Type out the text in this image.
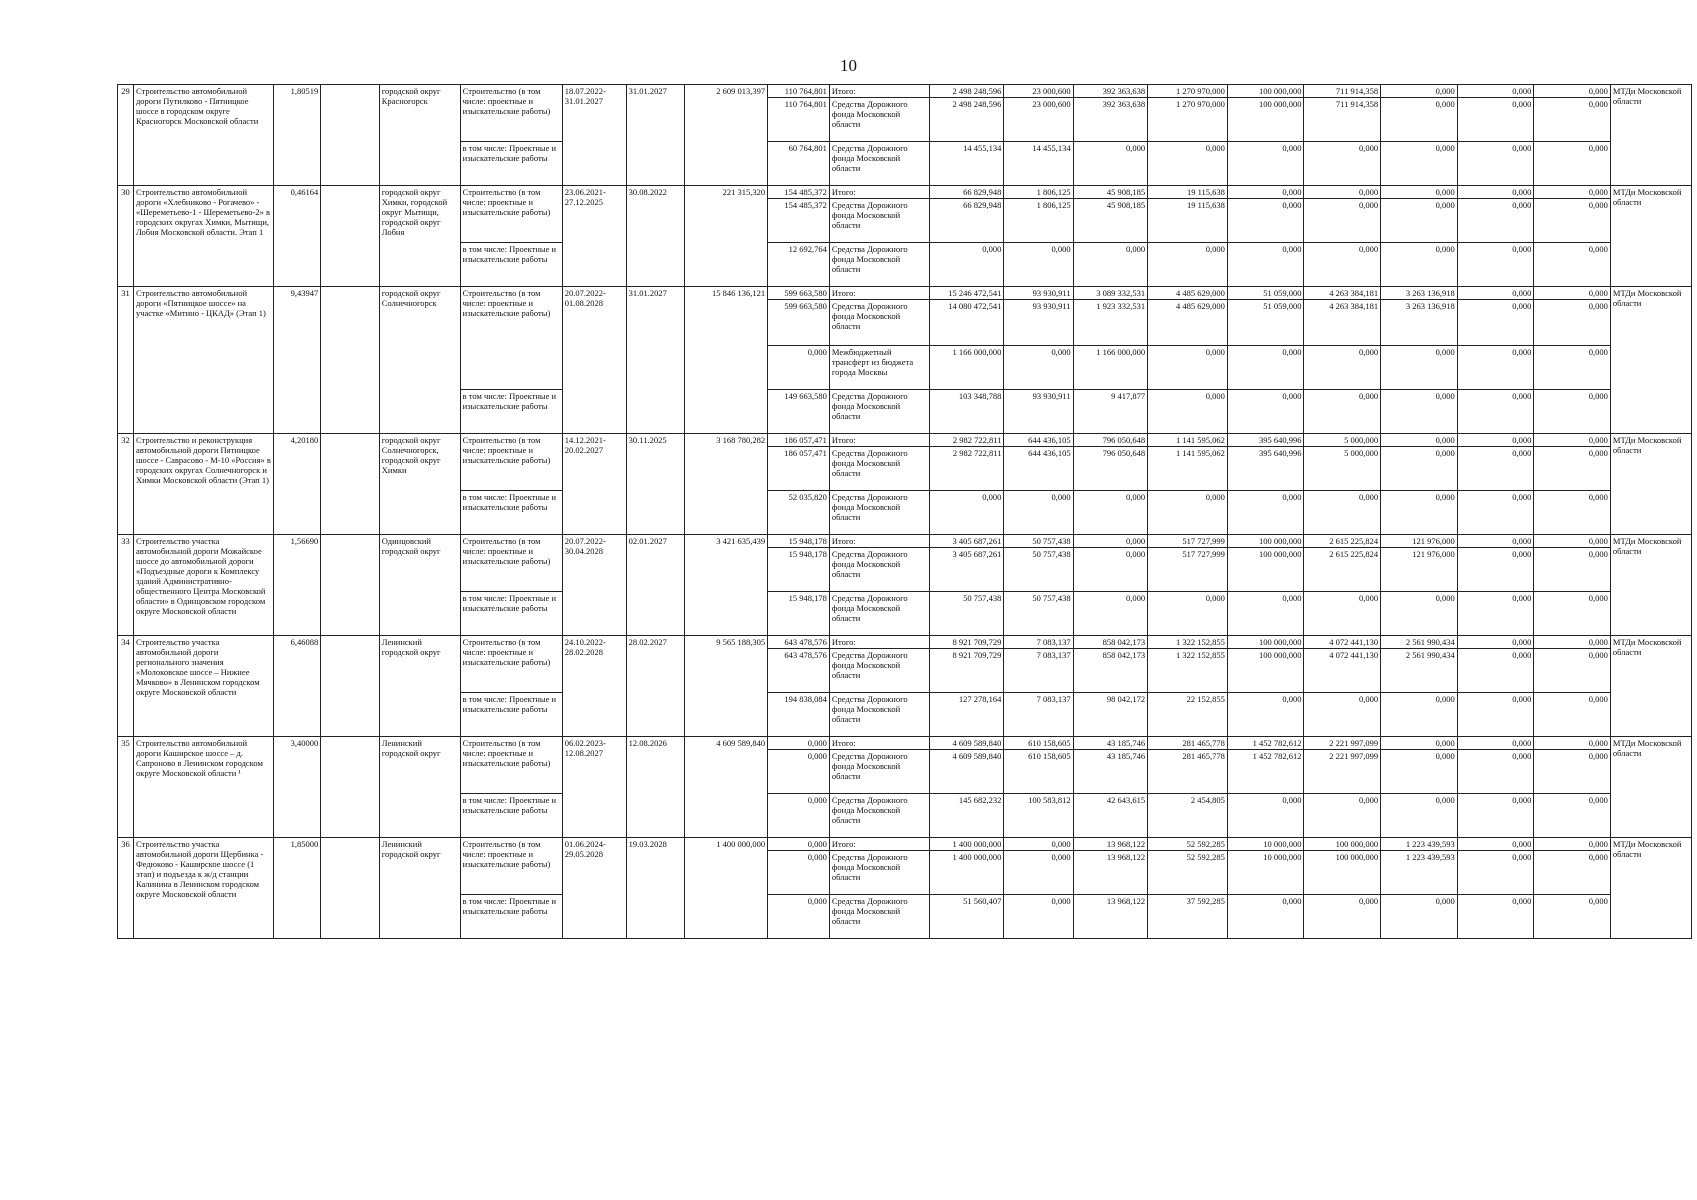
10
29	Строительство автомобильной дороги Путилково - Пятницкое шоссе в городском округе Красногорск Московской области	1,80519		городской округ Красногорск	Строительство (в том числе: проектные и изыскательские работы)	18.07.2022-31.01.2027	31.01.2027	2 609 013,397	110 764,801	Итого:	2 498 248,596	23 000,600	392 363,638	1 270 970,000	100 000,000	711 914,358	0,000	0,000	0,000	МТДи Московской области
									110 764,801	Средства Дорожного фонда Московской области	2 498 248,596	23 000,600	392 363,638	1 270 970,000	100 000,000	711 914,358	0,000	0,000	0,000	
					в том числе: Проектные и изыскательские работы				60 764,801	Средства Дорожного фонда Московской области	14 455,134	14 455,134	0,000	0,000	0,000	0,000	0,000	0,000	0,000	
30	Строительство автомобильной дороги «Хлебниково - Рогачево» - «Шереметьево-1 - Шереметьево-2» в городских округах Химки, Мытищи, Лобня Московской области. Этап 1	0,46164		городской округ Химки, городской округ Мытищи, городской округ Лобня	Строительство (в том числе: проектные и изыскательские работы)	23.06.2021-27.12.2025	30.08.2022	221 315,320	154 485,372	Итого:	66 829,948	1 806,125	45 908,185	19 115,638	0,000	0,000	0,000	0,000	0,000	МТДи Московской области
									154 485,372	Средства Дорожного фонда Московской области	66 829,948	1 806,125	45 908,185	19 115,638	0,000	0,000	0,000	0,000	0,000	
					в том числе: Проектные и изыскательские работы				12 692,764	Средства Дорожного фонда Московской области	0,000	0,000	0,000	0,000	0,000	0,000	0,000	0,000	0,000	
31	Строительство автомобильной дороги «Пятницкое шоссе» на участке «Митино - ЦКАД» (Этап 1)	9,43947		городской округ Солнечногорск	Строительство (в том числе: проектные и изыскательские работы)	20.07.2022-01.08.2028	31.01.2027	15 846 136,121	599 663,580	Итого:	15 246 472,541	93 930,911	3 089 332,531	4 485 629,000	51 059,000	4 263 384,181	3 263 136,918	0,000	0,000	МТДи Московской области
									599 663,580	Средства Дорожного фонда Московской области	14 080 472,541	93 930,911	1 923 332,531	4 485 629,000	51 059,000	4 263 384,181	3 263 136,918	0,000	0,000	
									0,000	Межбюджетный трансферт из бюджета города Москвы	1 166 000,000	0,000	1 166 000,000	0,000	0,000	0,000	0,000	0,000	0,000	
					в том числе: Проектные и изыскательские работы				149 663,580	Средства Дорожного фонда Московской области	103 348,788	93 930,911	9 417,877	0,000	0,000	0,000	0,000	0,000	0,000	
32	Строительство и реконструкция автомобильной дороги Пятницкое шоссе - Саврасово - М-10 «Россия» в городских округах Солнечногорск и Химки Московской области (Этап 1)	4,20180		городской округ Солнечногорск, городской округ Химки	Строительство (в том числе: проектные и изыскательские работы)	14.12.2021-20.02.2027	30.11.2025	3 168 780,282	186 057,471	Итого:	2 982 722,811	644 436,105	796 050,648	1 141 595,062	395 640,996	5 000,000	0,000	0,000	0,000	МТДи Московской области
									186 057,471	Средства Дорожного фонда Московской области	2 982 722,811	644 436,105	796 050,648	1 141 595,062	395 640,996	5 000,000	0,000	0,000	0,000	
					в том числе: Проектные и изыскательские работы				52 035,820	Средства Дорожного фонда Московской области	0,000	0,000	0,000	0,000	0,000	0,000	0,000	0,000	0,000	
33	Строительство участка автомобильной дороги Можайское шоссе до автомобильной дороги «Подъездные дороги к Комплексу зданий Административно-общественного Центра Московской области» в Одинцовском городском округе Московской области	1,56690		Одинцовский городской округ	Строительство (в том числе: проектные и изыскательские работы)	20.07.2022-30.04.2028	02.01.2027	3 421 635,439	15 948,178	Итого:	3 405 687,261	50 757,438	0,000	517 727,999	100 000,000	2 615 225,824	121 976,000	0,000	0,000	МТДи Московской области
									15 948,178	Средства Дорожного фонда Московской области	3 405 687,261	50 757,438	0,000	517 727,999	100 000,000	2 615 225,824	121 976,000	0,000	0,000	
					в том числе: Проектные и изыскательские работы				15 948,178	Средства Дорожного фонда Московской области	50 757,438	50 757,438	0,000	0,000	0,000	0,000	0,000	0,000	0,000	
34	Строительство участка автомобильной дороги регионального значения «Молоковское шоссе – Нижнее Мячково» в Ленинском городском округе Московской области	6,46088		Ленинский городской округ	Строительство (в том числе: проектные и изыскательские работы)	24.10.2022-28.02.2028	28.02.2027	9 565 188,305	643 478,576	Итого:	8 921 709,729	7 083,137	858 042,173	1 322 152,855	100 000,000	4 072 441,130	2 561 990,434	0,000	0,000	МТДи Московской области
									643 478,576	Средства Дорожного фонда Московской области	8 921 709,729	7 083,137	858 042,173	1 322 152,855	100 000,000	4 072 441,130	2 561 990,434	0,000	0,000	
					в том числе: Проектные и изыскательские работы				194 838,084	Средства Дорожного фонда Московской области	127 278,164	7 083,137	98 042,172	22 152,855	0,000	0,000	0,000	0,000	0,000	
35	Строительство автомобильной дороги Каширское шоссе – д. Сапроново в Ленинском городском округе Московской области ¹	3,40000		Ленинский городской округ	Строительство (в том числе: проектные и изыскательские работы)	06.02.2023-12.08.2027	12.08.2026	4 609 589,840	0,000	Итого:	4 609 589,840	610 158,605	43 185,746	281 465,778	1 452 782,612	2 221 997,099	0,000	0,000	0,000	МТДи Московской области
									0,000	Средства Дорожного фонда Московской области	4 609 589,840	610 158,605	43 185,746	281 465,778	1 452 782,612	2 221 997,099	0,000	0,000	0,000	
					в том числе: Проектные и изыскательские работы				0,000	Средства Дорожного фонда Московской области	145 682,232	100 583,812	42 643,615	2 454,805	0,000	0,000	0,000	0,000	0,000	
36	Строительство участка автомобильной дороги Щербинка - Федюково - Каширское шоссе (1 этап) и подъезда к ж/д станции Калинина в Ленинском городском округе Московской области	1,85000		Ленинский городской округ	Строительство (в том числе: проектные и изыскательские работы)	01.06.2024-29.05.2028	19.03.2028	1 400 000,000	0,000	Итого:	1 400 000,000	0,000	13 968,122	52 592,285	10 000,000	100 000,000	1 223 439,593	0,000	0,000	МТДи Московской области
									0,000	Средства Дорожного фонда Московской области	1 400 000,000	0,000	13 968,122	52 592,285	10 000,000	100 000,000	1 223 439,593	0,000	0,000	
					в том числе: Проектные и изыскательские работы				0,000	Средства Дорожного фонда Московской области	51 560,407	0,000	13 968,122	37 592,285	0,000	0,000	0,000	0,000	0,000	
